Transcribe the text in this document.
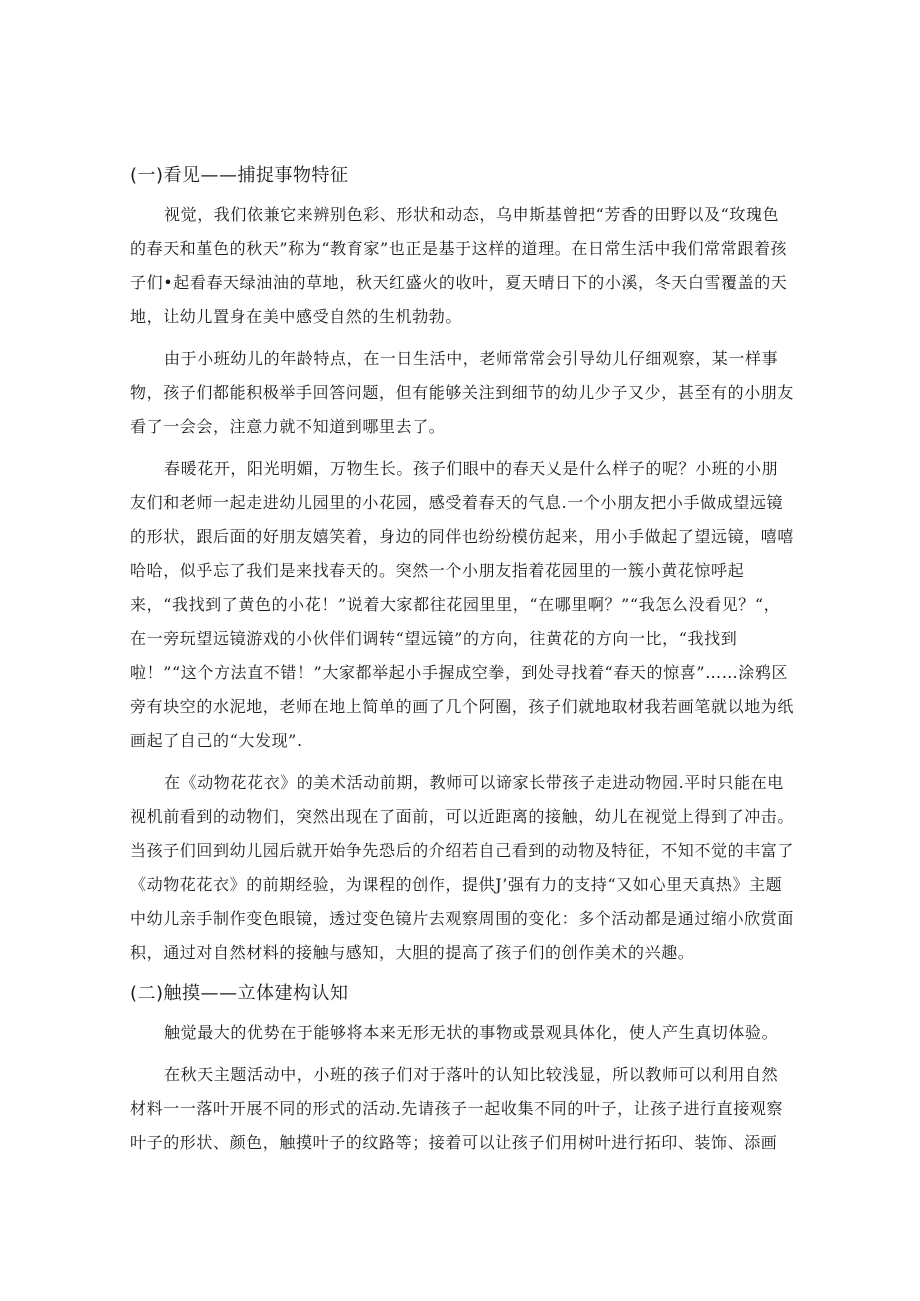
(一)看见——捕捉事物特征

视觉，我们依兼它来辨别色彩、形状和动态，乌申斯基曾把“芳香的田野以及“玫瑰色的春天和堇色的秋天”称为“教育家”也正是基于这样的道理。在日常生活中我们常常跟着孩子们•起看春天绿油油的草地，秋天红盛火的收叶，夏天晴日下的小溪，冬天白雪覆盖的天地，让幼儿置身在美中感受自然的生机勃勃。

由于小班幼儿的年龄特点，在一日生活中，老师常常会引导幼儿仔细观察，某一样事物，孩子们都能积极举手回答问题，但有能够关注到细节的幼儿少子又少，甚至有的小朋友看了一会会，注意力就不知道到哪里去了。

春暖花开，阳光明媚，万物生长。孩子们眼中的春天乂是什么样子的呢？小班的小朋友们和老师一起走进幼儿园里的小花园，感受着春天的气息.一个小朋友把小手做成望远镜的形状，跟后面的好朋友嬉笑着，身边的同伴也纷纷模仿起来，用小手做起了望远镜，嘻嘻哈哈，似乎忘了我们是来找春天的。突然一个小朋友指着花园里的一簇小黄花惊呼起来，“我找到了黄色的小花！”说着大家都往花园里里，“在哪里啊？”“我怎么没看见？“，在一旁玩望远镜游戏的小伙伴们调转“望远镜”的方向，往黄花的方向一比，“我找到啦！”“这个方法直不错！”大家都举起小手握成空拳，到处寻找着“春天的惊喜”……涂鸦区旁有块空的水泥地，老师在地上简单的画了几个阿圈，孩子们就地取材我若画笔就以地为纸画起了自己的“大发现”.

在《动物花花衣》的美术活动前期，教师可以谛家长带孩子走进动物园.平时只能在电视机前看到的动物们，突然出现在了面前，可以近距离的接触，幼儿在视觉上得到了冲击。当孩子们回到幼儿园后就开始争先恐后的介绍若自己看到的动物及特征，不知不觉的丰富了《动物花花衣》的前期经验，为课程的创作，提供J’强有力的支持“又如心里天真热》主题中幼儿亲手制作变色眼镜，透过变色镜片去观察周围的变化：多个活动都是通过缩小欣赏面积，通过对自然材料的接触与感知，大胆的提高了孩子们的创作美术的兴趣。

(二)触摸——立体建构认知

触觉最大的优势在于能够将本来无形无状的事物或景观具体化，使人产生真切体验。

在秋天主题活动中，小班的孩子们对于落叶的认知比较浅显，所以教师可以利用自然材料一一落叶开展不同的形式的活动.先请孩子一起收集不同的叶子，让孩子进行直接观察叶子的形状、颜色，触摸叶子的纹路等；接着可以让孩子们用树叶进行拓印、装饰、添画
